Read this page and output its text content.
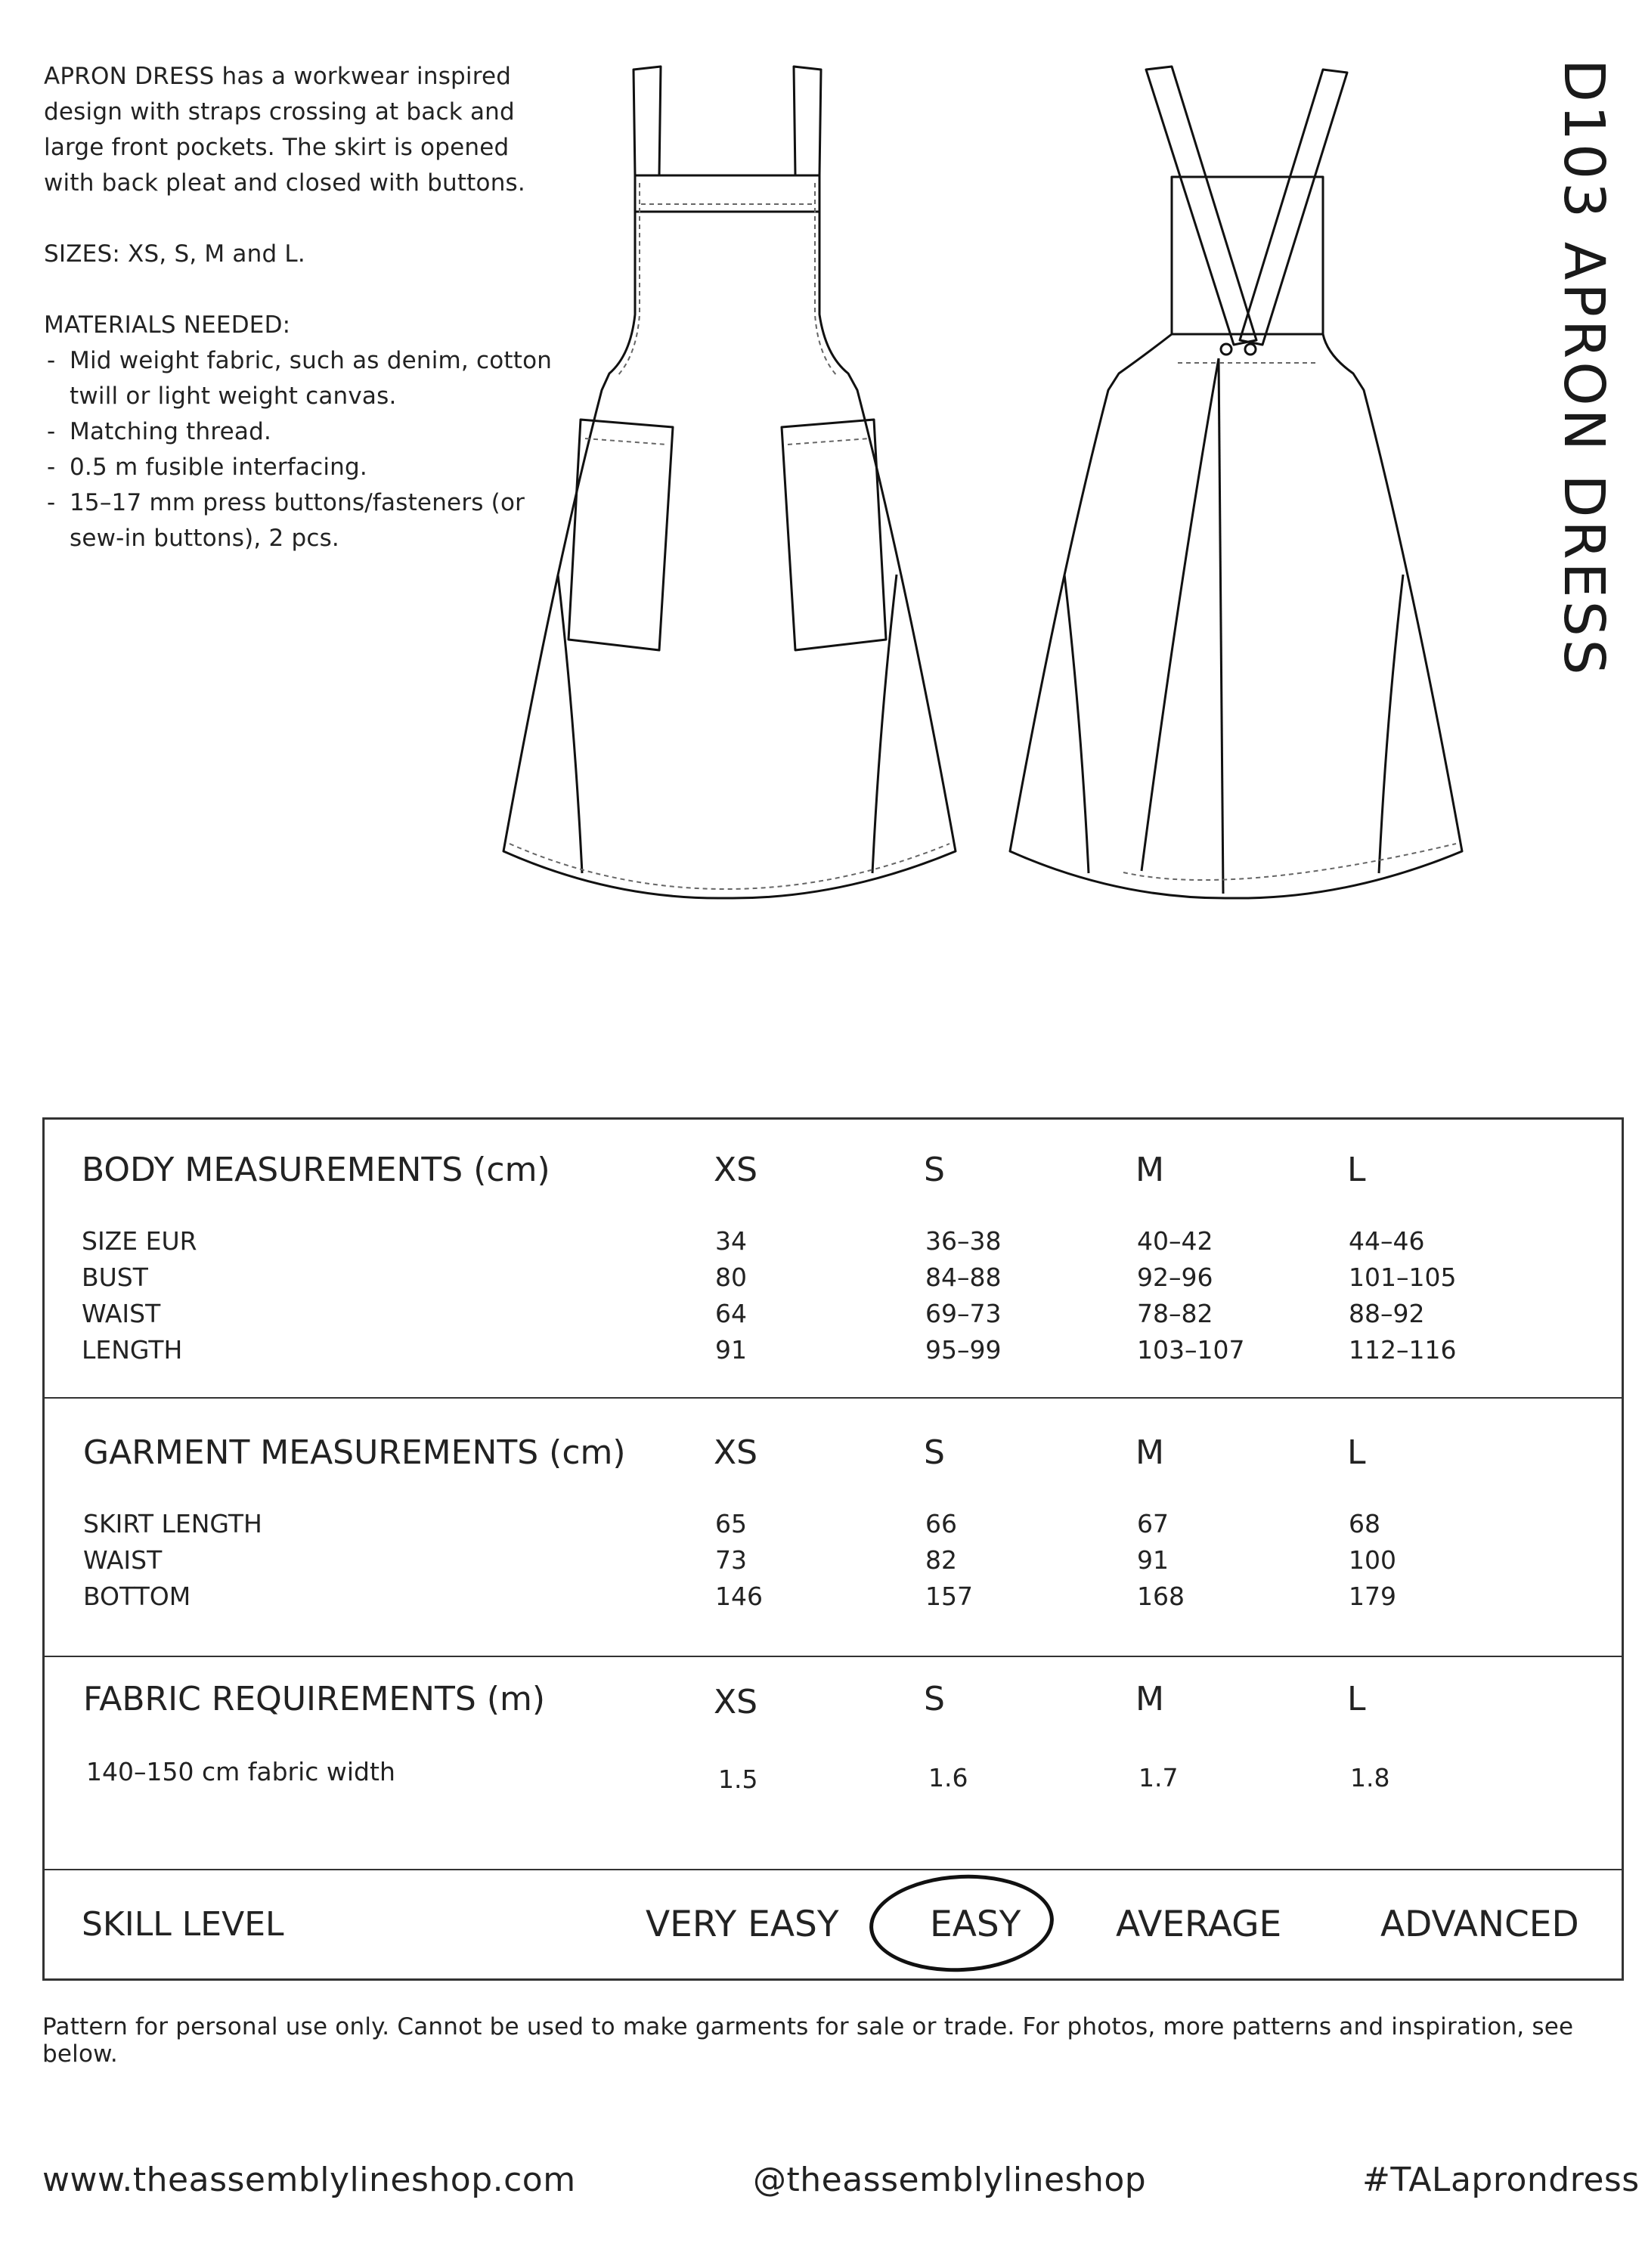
APRON DRESS has a workwear inspired design with straps crossing at back and large front pockets. The skirt is opened with back pleat and closed with buttons.

SIZES: XS, S, M and L.

MATERIALS NEEDED:

- Mid weight fabric, such as denim, cotton twill or light weight canvas.
- Matching thread.
- 0.5 m fusible interfacing.
- 15–17 mm press buttons/fasteners (or sew-in buttons), 2 pcs.	D103 APRON DRESS
BODY MEASUREMENTS (cm)	XS	S	M	L
SIZE EUR	34	36–38	40–42	44–46
BUST	80	84–88	92–96	101–105
WAIST	64	69–73	78–82	88–92
LENGTH	91	95–99	103–107	112–116
GARMENT MEASUREMENTS (cm)	XS	S	M	L
SKIRT LENGTH	65	66	67	68
WAIST	73	82	91	100
BOTTOM	146	157	168	179
FABRIC REQUIREMENTS (m)	XS	S	M	L
140–150 cm fabric width	1.5	1.6	1.7	1.8
SKILL LEVEL	VERY EASY	EASY	AVERAGE	ADVANCED
Pattern for personal use only. Cannot be used to make garments for sale or trade. For photos, more patterns and inspiration, see below.
www.theassemblylineshop.com	@theassemblylineshop	#TALaprondress
